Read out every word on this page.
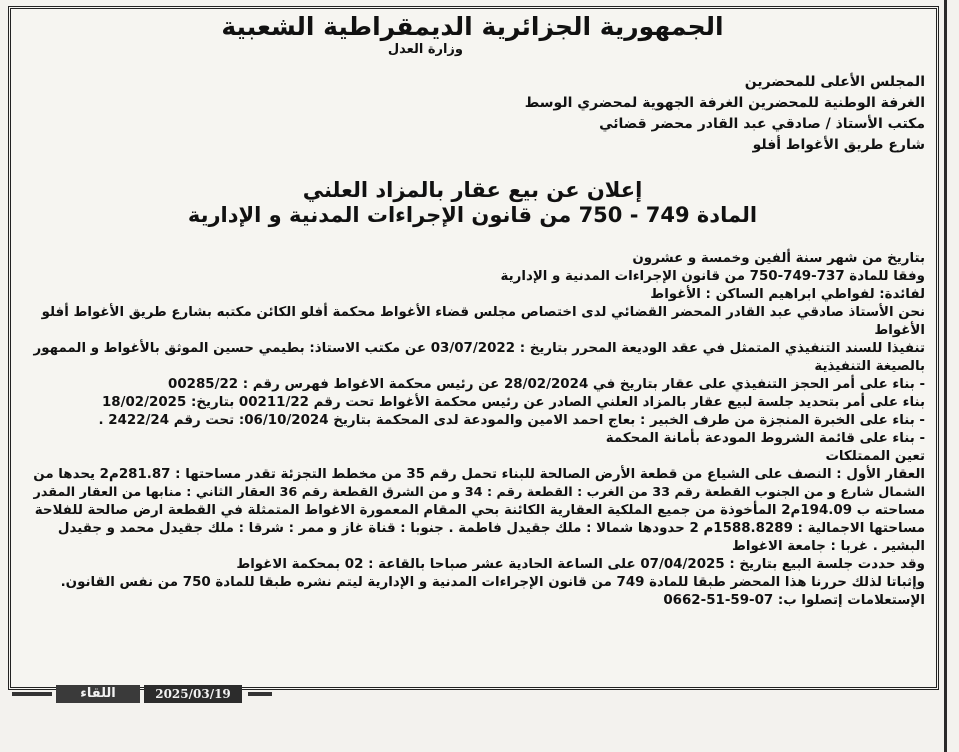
الجمهورية الجزائرية الديمقراطية الشعبية

وزارة العدل

المجلس الأعلى للمحضرين

الغرفة الوطنية للمحضرين الغرفة الجهوية لمحضري الوسط

مكتب الأستاذ / صادقي عبد القادر محضر قضائي

شارع طريق الأغواط أفلو

إعلان عن بيع عقار بالمزاد العلني

المادة 749 - 750 من قانون الإجراءات المدنية و الإدارية

بتاريخ من شهر سنة ألفين وخمسة و عشرون

وفقا للمادة 737-749-750 من قانون الإجراءات المدنية و الإدارية

لفائدة: لفواطي ابراهيم الساكن : الأغواط

نحن الأستاذ صادقي عبد القادر المحضر القضائي لدى اختصاص مجلس قضاء الأغواط محكمة أفلو الكائن مكتبه بشارع طريق الأغواط أفلو

الأغواط

تنفيذا للسند التنفيذي المتمثل في عقد الوديعة المحرر بتاريخ : 03/07/2022 عن مكتب الاستاذ: بطيمي حسين الموثق بالأغواط و الممهور

بالصيغة التنفيذية

- بناء على أمر الحجز التنفيذي على عقار بتاريخ في 28/02/2024 عن رئيس محكمة الاغواط فهرس رقم : 00285/22

بناء على أمر بتحديد جلسة لبيع عقار بالمزاد العلني الصادر عن رئيس محكمة الأغواط تحت رقم 00211/22 بتاريخ: 18/02/2025

- بناء على الخبرة المنجزة من طرف الخبير : بعاج احمد الامين والمودعة لدى المحكمة بتاريخ 06/10/2024: تحت رقم 2422/24 .

- بناء على قائمة الشروط المودعة بأمانة المحكمة

تعين الممتلكات

العقار الأول : النصف على الشياع من قطعة الأرض الصالحة للبناء تحمل رقم 35 من مخطط التجزئة تقدر مساحتها : 281.87م2 يحدها من

الشمال شارع و من الجنوب القطعة رقم 33 من الغرب : القطعة رقم : 34 و من الشرق القطعة رقم 36 العقار الثاني : منابها من العقار المقدر

مساحته ب 194.09م2 المأخوذة من جميع الملكية العقارية الكائنة بحي المقام المعمورة الاغواط المتمثلة في القطعة ارض صالحة للفلاحة

مساحتها الاجمالية : 1588.8289م 2 حدودها شمالا : ملك جقيدل فاطمة . جنوبا : قناة غاز و ممر : شرقا : ملك جقيدل محمد و جقيدل

البشير . غربا : جامعة الاغواط

وقد حددت جلسة البيع بتاريخ : 07/04/2025 على الساعة الحادية عشر صباحا بالقاعة : 02 بمحكمة الاغواط

وإثباتا لذلك حررنا هذا المحضر طبقا للمادة 749 من قانون الإجراءات المدنية و الإدارية ليتم نشره طبقا للمادة 750 من نفس القانون.

الإستعلامات إتصلوا ب: 07-59-51-0662

اللقاء	2025/03/19
